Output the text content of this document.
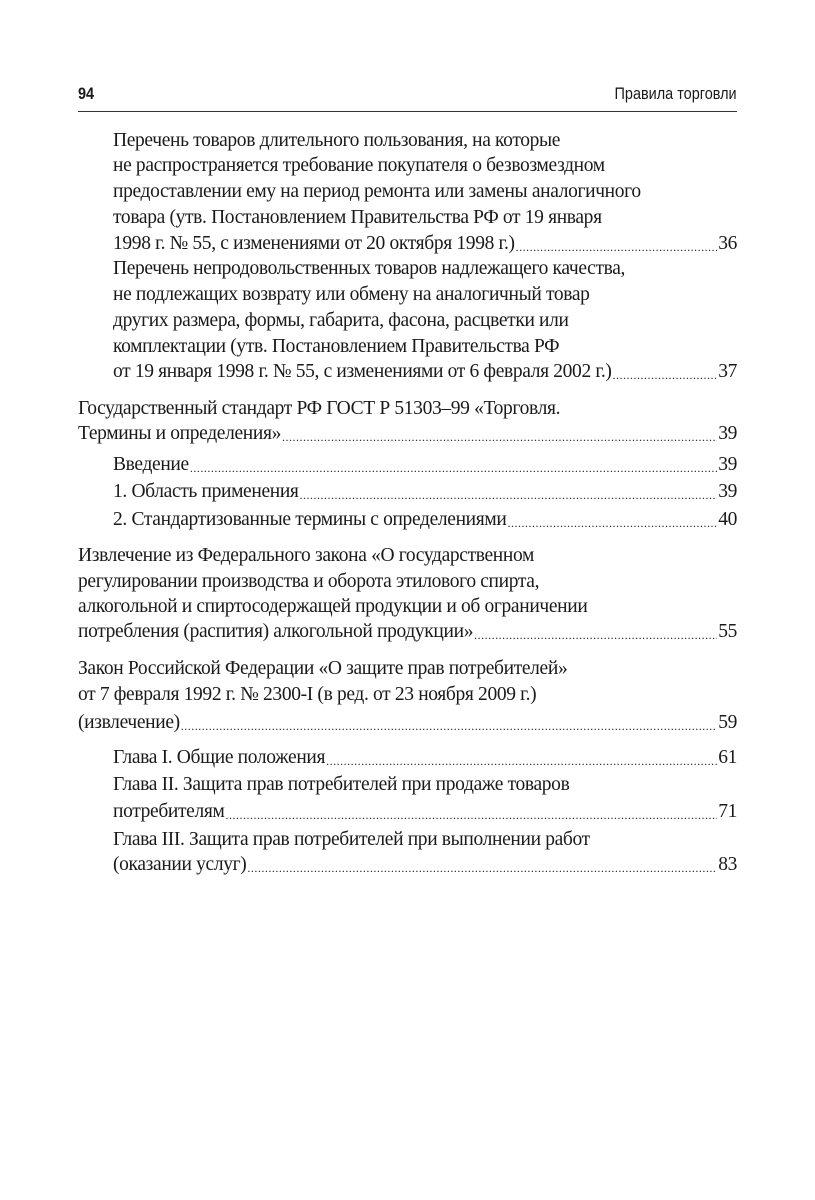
94	Правила торговли
Перечень товаров длительного пользования, на которые
не распространяется требование покупателя о безвозмездном
предоставлении ему на период ремонта или замены аналогичного
товара (утв. Постановлением Правительства РФ от 19 января
1998 г. № 55, с изменениями от 20 октября 1998 г.) .....	36
Перечень непродовольственных товаров надлежащего качества,
не подлежащих возврату или обмену на аналогичный товар
других размера, формы, габарита, фасона, расцветки или
комплектации (утв. Постановлением Правительства РФ
от 19 января 1998 г. № 55, с изменениями от 6 февраля 2002 г.) .....	37
Государственный стандарт РФ ГОСТ Р 51303–99 «Торговля.
Термины и определения» .....	39
Введение .....	39
1. Область применения .....	39
2. Стандартизованные термины с определениями .....	40
Извлечение из Федерального закона «О государственном
регулировании производства и оборота этилового спирта,
алкогольной и спиртосодержащей продукции и об ограничении
потребления (распития) алкогольной продукции» .....	55
Закон Российской Федерации «О защите прав потребителей»
от 7 февраля 1992 г. № 2300-I (в ред. от 23 ноября 2009 г.)
(извлечение) .....	59
Глава I. Общие положения .....	61
Глава II. Защита прав потребителей при продаже товаров
потребителям .....	71
Глава III. Защита прав потребителей при выполнении работ
(оказании услуг) .....	83
